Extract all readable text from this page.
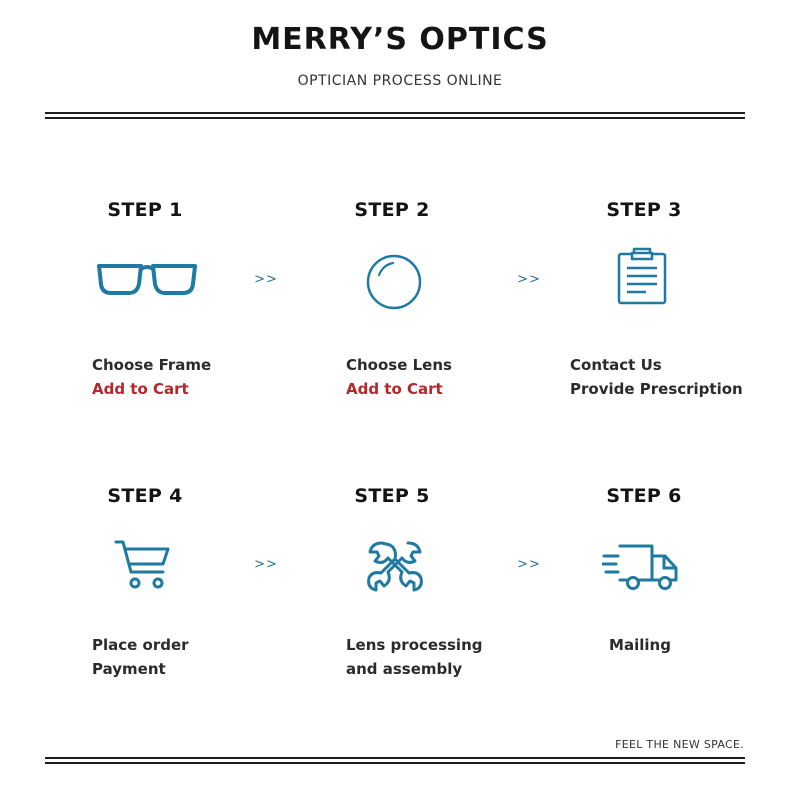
MERRY’S OPTICS
OPTICIAN PROCESS ONLINE
STEP 1	STEP 2	STEP 3
>>	>>
Choose Frame
Add to Cart
Choose Lens
Add to Cart
Contact Us
Provide Prescription
STEP 4	STEP 5	STEP 6
>>	>>
Place order
Payment
Lens processing
and assembly
Mailing
FEEL THE NEW SPACE.
